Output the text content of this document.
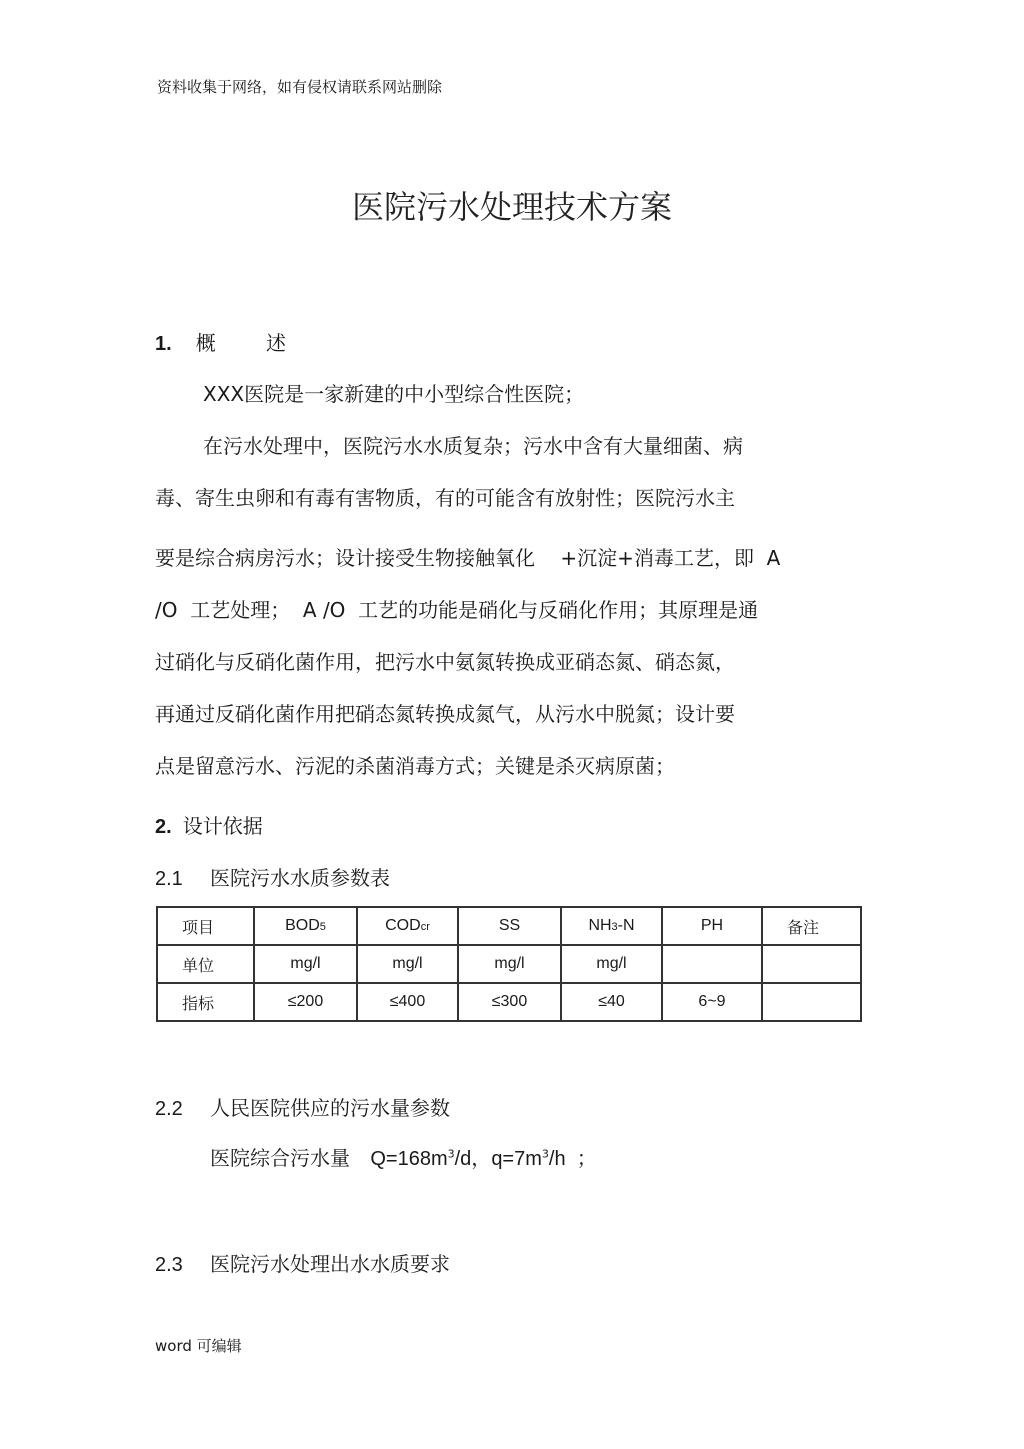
资料收集于网络，如有侵权请联系网站删除
医院污水处理技术方案
1. 概 述
XXX医院是一家新建的中小型综合性医院；
在污水处理中，医院污水水质复杂；污水中含有大量细菌、病
毒、寄生虫卵和有毒有害物质，有的可能含有放射性；医院污水主
要是综合病房污水；设计接受生物接触氧化    +沉淀+消毒工艺，即  A
/O  工艺处理；  A /O  工艺的功能是硝化与反硝化作用；其原理是通
过硝化与反硝化菌作用，把污水中氨氮转换成亚硝态氮、硝态氮，
再通过反硝化菌作用把硝态氮转换成氮气，从污水中脱氮；设计要
点是留意污水、污泥的杀菌消毒方式；关键是杀灭病原菌；
2. 设计依据
2.1 医院污水水质参数表
项目	BOD5	CODcr	SS	NH3-N	PH	备注
单位	mg/l	mg/l	mg/l	mg/l		
指标	≤200	≤400	≤300	≤40	6~9	
2.2 人民医院供应的污水量参数
医院综合污水量 $Q=168m^3/d$，$q=7m^3/h$  ；
2.3 医院污水处理出水水质要求
word 可编辑
